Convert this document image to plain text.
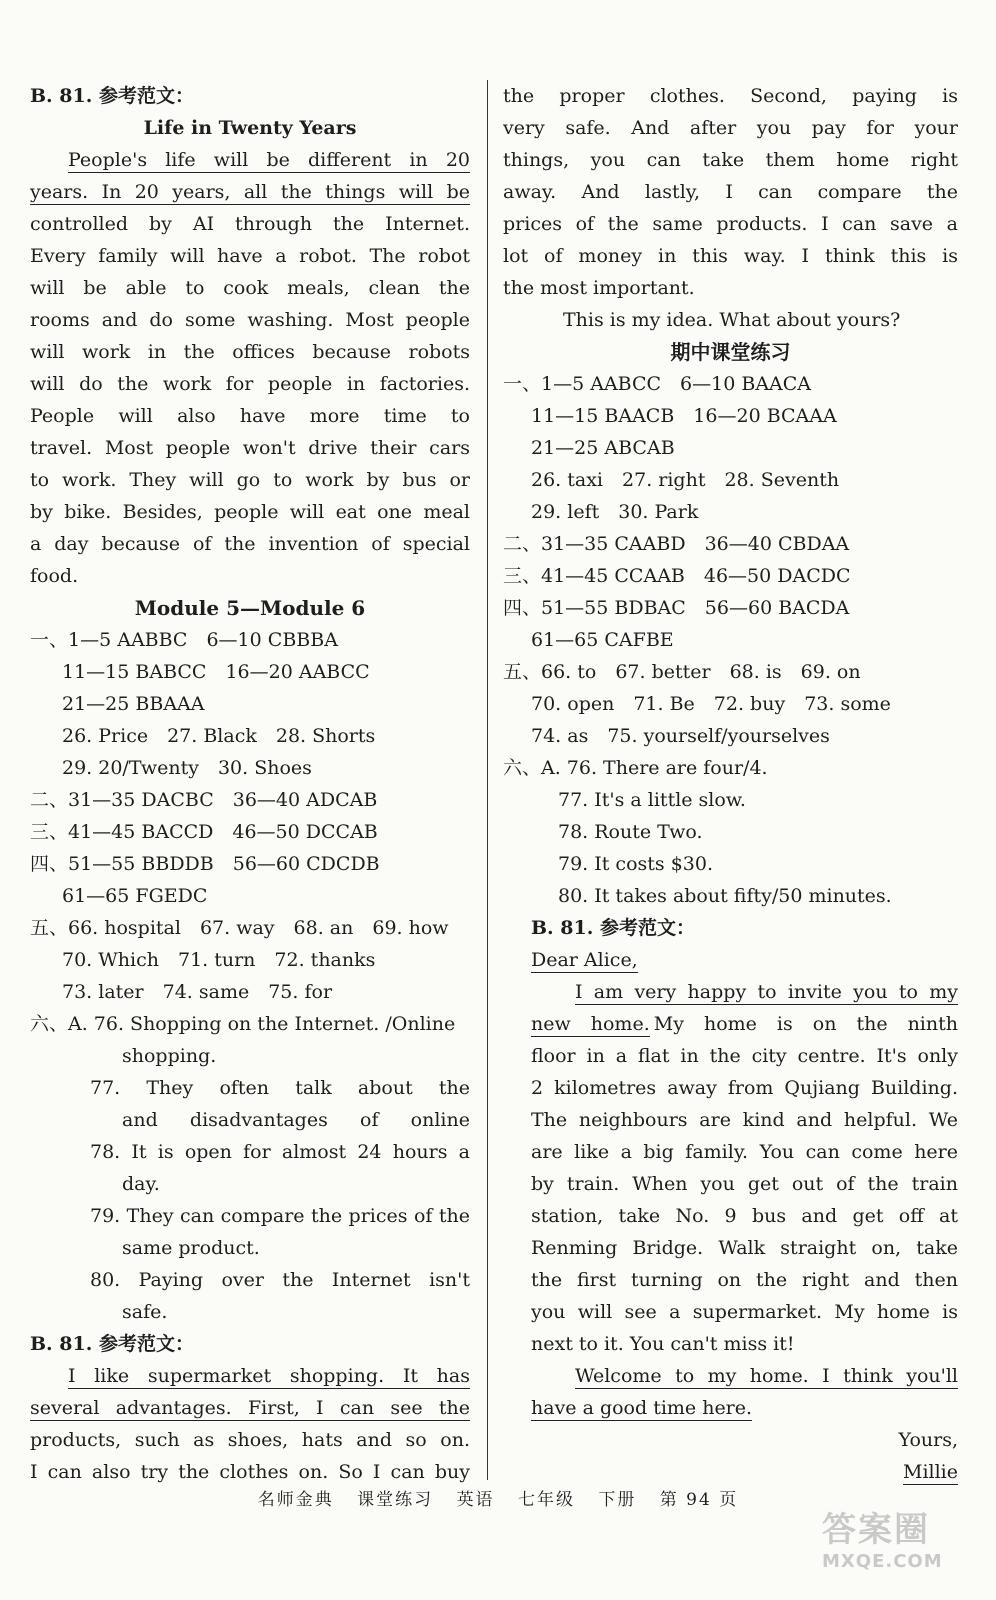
B. 81. 参考范文：
Life in Twenty Years
People's life will be different in 20
years. In 20 years, all the things will be
controlled by AI through the Internet.
Every family will have a robot. The robot
will be able to cook meals, clean the
rooms and do some washing. Most people
will work in the offices because robots
will do the work for people in factories.
People will also have more time to
travel. Most people won't drive their cars
to work. They will go to work by bus or
by bike. Besides, people will eat one meal
a day because of the invention of special
food.
Module 5—Module 6
一、1—5 AABBC　6—10 CBBBA
11—15 BABCC　16—20 AABCC
21—25 BBAAA
26. Price　27. Black　28. Shorts
29. 20/Twenty　30. Shoes
二、31—35 DACBC　36—40 ADCAB
三、41—45 BACCD　46—50 DCCAB
四、51—55 BBDDB　56—60 CDCDB
61—65 FGEDC
五、66. hospital　67. way　68. an　69. how
70. Which　71. turn　72. thanks
73. later　74. same　75. for
六、A. 76. Shopping on the Internet. /Online
shopping.
77. They often talk about the
and disadvantages of online
78. It is open for almost 24 hours a
day.
79. They can compare the prices of the
same product.
80. Paying over the Internet isn't
safe.
B. 81. 参考范文：
I like supermarket shopping. It has
several advantages. First, I can see the
products, such as shoes, hats and so on.
I can also try the clothes on. So I can buy
the proper clothes. Second, paying is
very safe. And after you pay for your
things, you can take them home right
away. And lastly, I can compare the
prices of the same products. I can save a
lot of money in this way. I think this is
the most important.
This is my idea. What about yours?
期中课堂练习
一、1—5 AABCC　6—10 BAACA
11—15 BAACB　16—20 BCAAA
21—25 ABCAB
26. taxi　27. right　28. Seventh
29. left　30. Park
二、31—35 CAABD　36—40 CBDAA
三、41—45 CCAAB　46—50 DACDC
四、51—55 BDBAC　56—60 BACDA
61—65 CAFBE
五、66. to　67. better　68. is　69. on
70. open　71. Be　72. buy　73. some
74. as　75. yourself/yourselves
六、A. 76. There are four/4.
77. It's a little slow.
78. Route Two.
79. It costs $30.
80. It takes about fifty/50 minutes.
B. 81. 参考范文：
Dear Alice,
I am very happy to invite you to my
new home. My home is on the ninth
floor in a flat in the city centre. It's only
2 kilometres away from Qujiang Building.
The neighbours are kind and helpful. We
are like a big family. You can come here
by train. When you get out of the train
station, take No. 9 bus and get off at
Renming Bridge. Walk straight on, take
the first turning on the right and then
you will see a supermarket. My home is
next to it. You can't miss it!
Welcome to my home. I think you'll
have a good time here.
Yours,
Millie
名师金典 课堂练习 英语 七年级 下册 第 94 页
答案圈
MXQE.COM
